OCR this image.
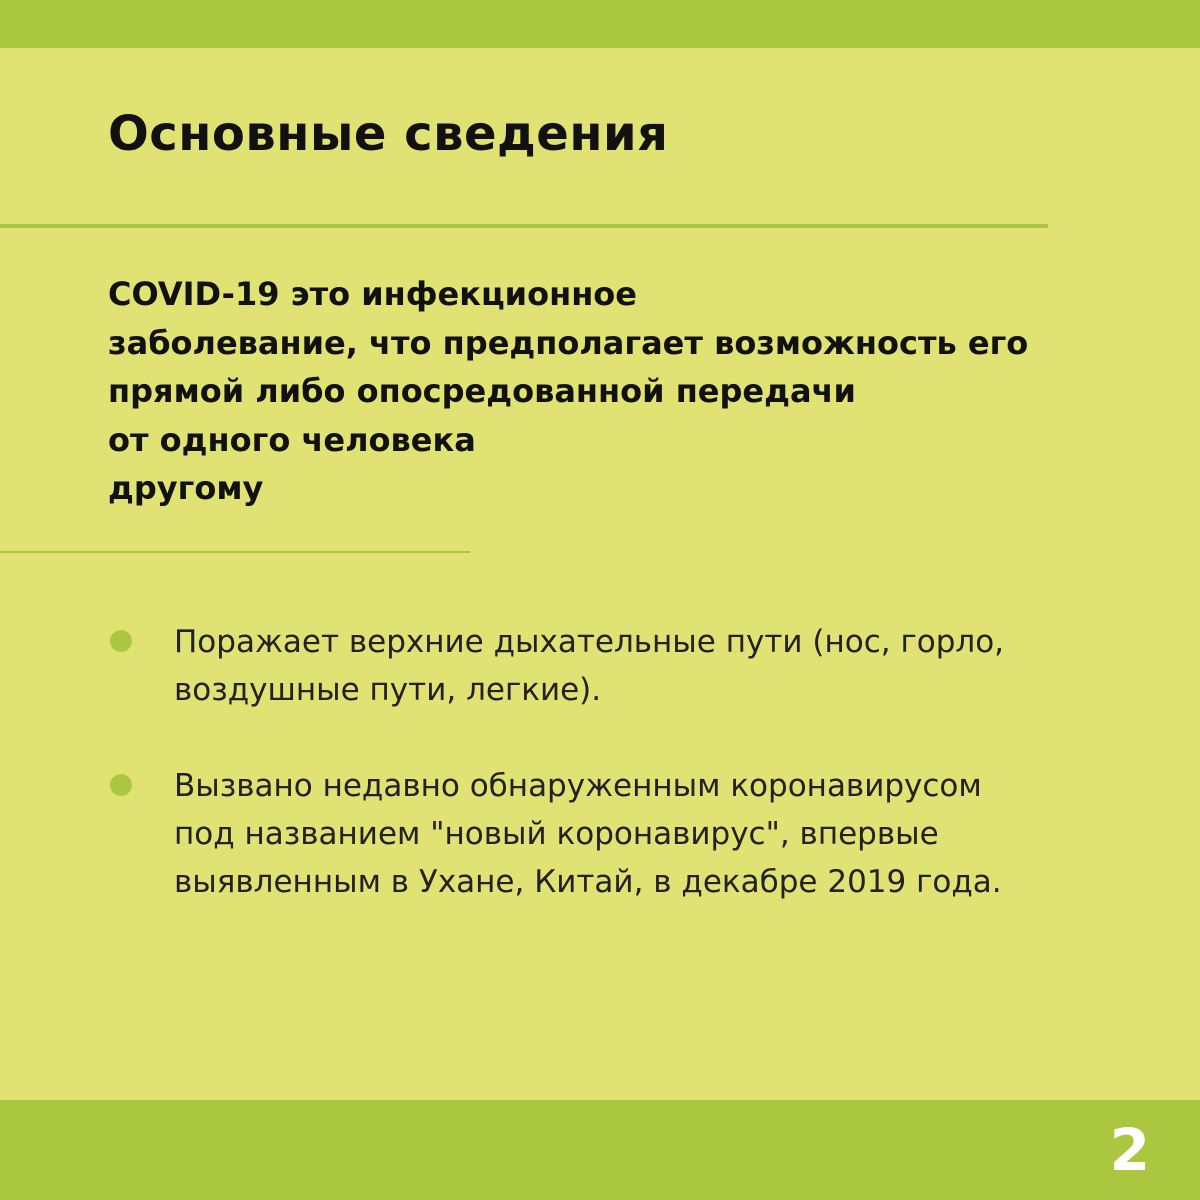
Основные сведения
COVID-19 это инфекционное
заболевание, что предполагает возможность его
прямой либо опосредованной передачи
от одного человека
другому
Поражает верхние дыхательные пути (нос, горло,
воздушные пути, легкие).
Вызвано недавно обнаруженным коронавирусом
под названием "новый коронавирус", впервые
выявленным в Ухане, Китай, в декабре 2019 года.
2
